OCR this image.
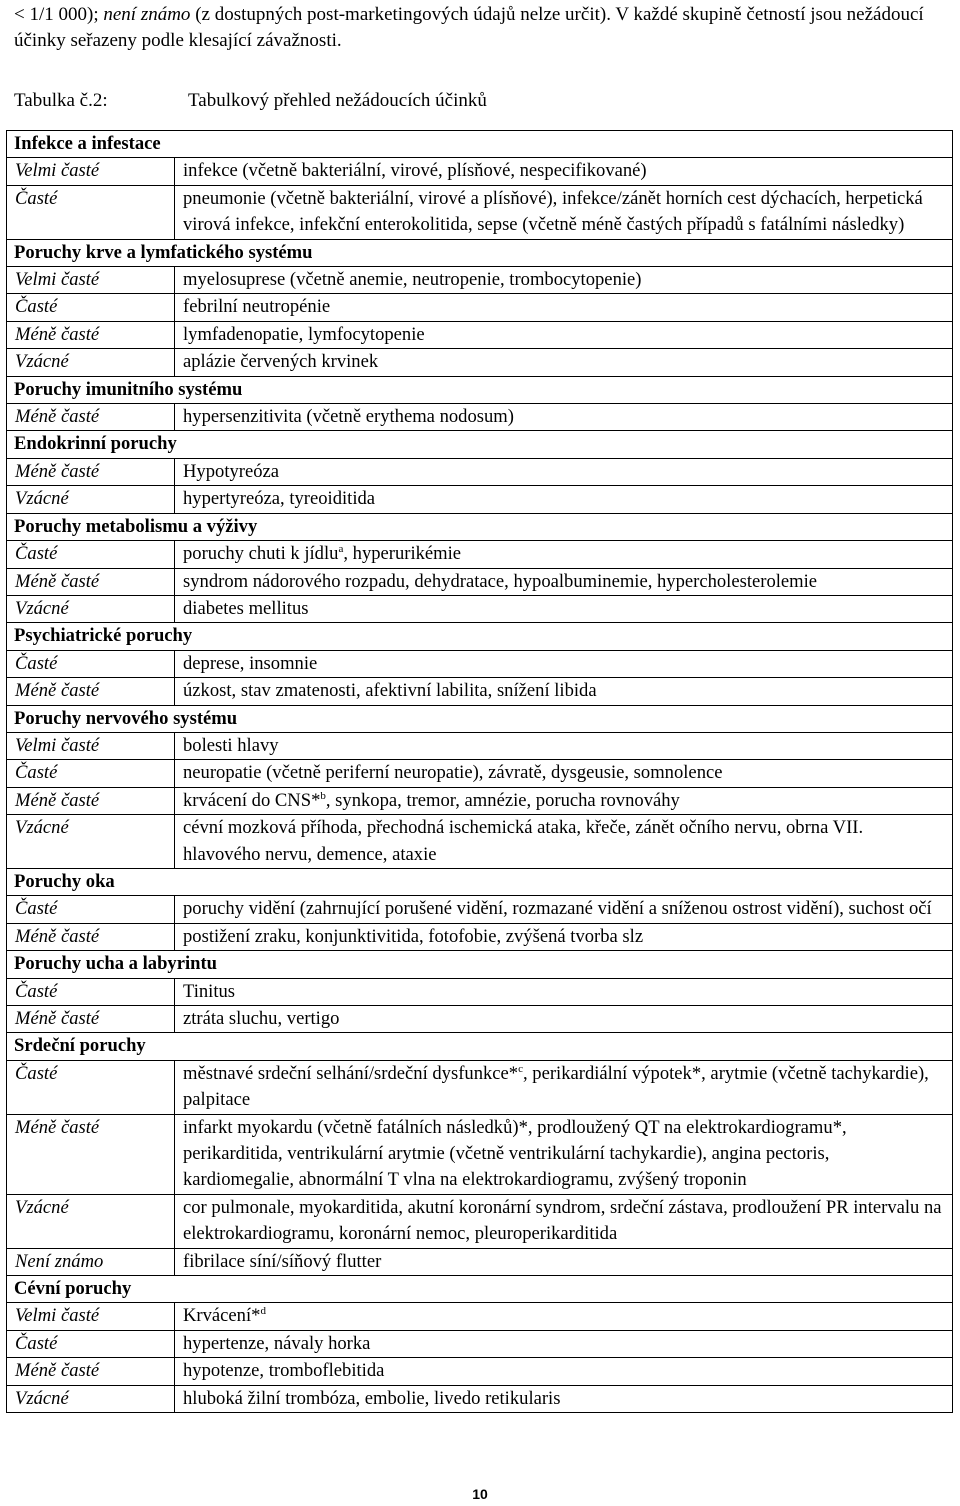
< 1/1 000); není známo (z dostupných post-marketingových údajů nelze určit). V každé skupině četností jsou nežádoucí účinky seřazeny podle klesající závažnosti.
Tabulka č.2:	Tabulkový přehled nežádoucích účinků
Infekce a infestace	
Velmi časté	infekce (včetně bakteriální, virové, plísňové, nespecifikované)
Časté	pneumonie (včetně bakteriální, virové a plísňové), infekce/zánět horních cest dýchacích, herpetická virová infekce, infekční enterokolitida, sepse (včetně méně častých případů s fatálními následky)
Poruchy krve a lymfatického systému	
Velmi časté	myelosuprese (včetně anemie, neutropenie, trombocytopenie)
Časté	febrilní neutropénie
Méně časté	lymfadenopatie, lymfocytopenie
Vzácné	aplázie červených krvinek
Poruchy imunitního systému	
Méně časté	hypersenzitivita (včetně erythema nodosum)
Endokrinní poruchy	
Méně časté	Hypotyreóza
Vzácné	hypertyreóza, tyreoiditida
Poruchy metabolismu a výživy	
Časté	poruchy chuti k jídlu$^a$, hyperurikémie
Méně časté	syndrom nádorového rozpadu, dehydratace, hypoalbuminemie, hypercholesterolemie
Vzácné	diabetes mellitus
Psychiatrické poruchy	
Časté	deprese, insomnie
Méně časté	úzkost, stav zmatenosti, afektivní labilita, snížení libida
Poruchy nervového systému	
Velmi časté	bolesti hlavy
Časté	neuropatie (včetně periferní neuropatie), závratě, dysgeusie, somnolence
Méně časté	krvácení do CNS*$^b$, synkopa, tremor, amnézie, porucha rovnováhy
Vzácné	cévní mozková příhoda, přechodná ischemická ataka, křeče, zánět očního nervu, obrna VII. hlavového nervu, demence, ataxie
Poruchy oka	
Časté	poruchy vidění (zahrnující porušené vidění, rozmazané vidění a sníženou ostrost vidění), suchost očí
Méně časté	postižení zraku, konjunktivitida, fotofobie, zvýšená tvorba slz
Poruchy ucha a labyrintu	
Časté	Tinitus
Méně časté	ztráta sluchu, vertigo
Srdeční poruchy	
Časté	městnavé srdeční selhání/srdeční dysfunkce*$^c$, perikardiální výpotek*, arytmie (včetně tachykardie), palpitace
Méně časté	infarkt myokardu (včetně fatálních následků)*, prodloužený QT na elektrokardiogramu*, perikarditida, ventrikulární arytmie (včetně ventrikulární tachykardie), angina pectoris, kardiomegalie, abnormální T vlna na elektrokardiogramu, zvýšený troponin
Vzácné	cor pulmonale, myokarditida, akutní koronární syndrom, srdeční zástava, prodloužení PR intervalu na elektrokardiogramu, koronární nemoc, pleuroperikarditida
Není známo	fibrilace síní/síňový flutter
Cévní poruchy	
Velmi časté	Krvácení*$^d$
Časté	hypertenze, návaly horka
Méně časté	hypotenze, tromboflebitida
Vzácné	hluboká žilní trombóza, embolie, livedo retikularis
10
